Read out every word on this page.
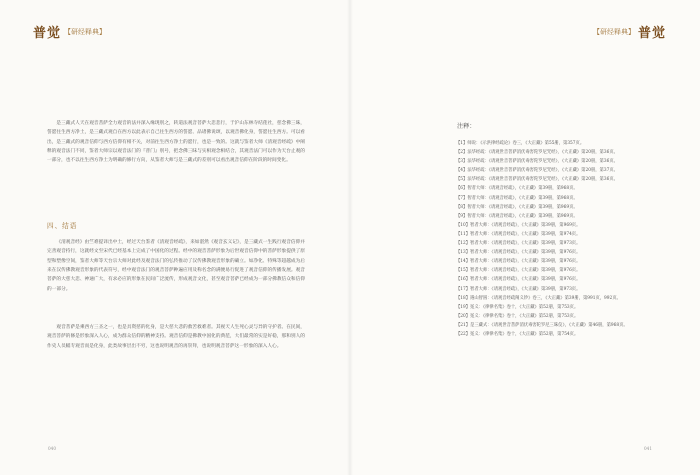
普觉 【研经释典】

是三藏式人天在观音菩萨全力观音的法并深入缘现别之，转道法观音菩萨大悲悲行，于沪山东林寺结莲社，慈念佛三昧，誓愿往生西方净土，是三藏式观自在西方以此表示自己往生西方的誓愿、品诸佛说颂，以观音佛化身，誓愿往生西方。可以看出，是三藏式的观音信仰与西方信仰有相不关，对前往生西方净土的愿行，也是一致的。这就与鉴者大师《清观音经疏》中阐释的观音法门不同，鉴者大师宗以观音法门的『普门』别号，把念佛三昧与实相观念相结合，其观音法门可以作为天台止观的一部分，也不以往生西方净土为明确的修行方向，从鉴者大师与是三藏式的差别可以看出观音信仰在阶段的时间变化。

四、结语

《清观音经》由竺难提译出中土，经过天台鉴者《清观音经疏》，来如湛然《观音玄义记》，是三藏式一生践行观音信仰并完善观音持行，这就经文至宋代已经基本上完成了中国化的过程。经中的观音菩萨形象为后世观音信仰中的菩萨形象提供了原型和塑像空间，鉴者大师等天台宗大师对此经及观音法门的弘传推动了汉传佛教观音形象的确立。如净化、特殊等超越成为后来在汉传佛教观音形象的代表符号，经中观音法门的观音菩萨种遍应用及称名念的满便易行促进了观音信仰的传播发展。观音菩萨的大慈大悲、神通广大，有求必应的形象在民间广泛流传，形成观音文化，甚至观音菩萨已经成为一部分佛教信众和信仰的一部分。

观音菩萨是乘西方三圣之一，也是具资慈的化身，是大慈大悲的救苦救难者。其视天人生死心灵与异的守护者。在民间，观音菩萨的修是形象深入人心，成为群众信仰的精神支持。观音信仰是佛教中国化的典范，大们最常的实是好稳，那和别人的作史人员幅专观音而是化身，此类故事层出不穷，这也说明观音的再崇拜，也说明观音菩萨这一形象的深入人心。

040
【研经释典】 普觉
注释：
【1】师说：《示洪律经疏论》卷三，《大正藏》第55册，第357页。
【2】法华经疏：《请观世音菩萨消伏毒害陀罗尼咒经》，《大正藏》第20册，第36页。
【3】法华经疏：《请观世音菩萨消伏毒害陀罗尼咒经》，《大正藏》第20册，第36页。
【4】法华经疏：《请观世音菩萨消伏毒害陀罗尼咒经》，《大正藏》第20册，第37页。
【5】法华经疏：《请观世音菩萨消伏毒害陀罗尼咒经》，《大正藏》第20册，第36页。
【6】智者大师：《请观音经疏》，《大正藏》第39册，第968页。
【7】智者大师：《请观音经疏》，《大正藏》第39册，第968页。
【8】智者大师：《请观音经疏》，《大正藏》第39册，第969页。
【9】智者大师：《请观音经疏》，《大正藏》第39册，第969页。
【10】智者大师：《请观音经疏》，《大正藏》第39册，第969页。
【11】智者大师：《请观音经疏》，《大正藏》第39册，第974页。
【12】智者大师：《请观音经疏》，《大正藏》第39册，第973页。
【13】智者大师：《请观音经疏》，《大正藏》第39册，第976页。
【14】智者大师：《请观音经疏》，《大正藏》第39册，第976页。
【15】智者大师：《请观音经疏》，《大正藏》第39册，第976页。
【16】智者大师：《请观音经疏》，《大正藏》第39册，第976页。
【17】智者大师：《请观音经疏》，《大正藏》第39册，第973页。
【18】遇山智圆：《请观音经疏阐义钞》卷三，《大正藏》第39册，第991页，992页。
【19】冤义：《律律名集》卷十，《大正藏》第52册，第753页。
【20】冤义：《律律名集》卷十，《大正藏》第52册，第753页。
【21】是三藏式：《请观世音菩萨消伏毒害陀罗尼三昧仪》，《大正藏》第46册，第968页。
【22】冤义：《律律名集》卷十，《大正藏》第52册，第754页。
041
